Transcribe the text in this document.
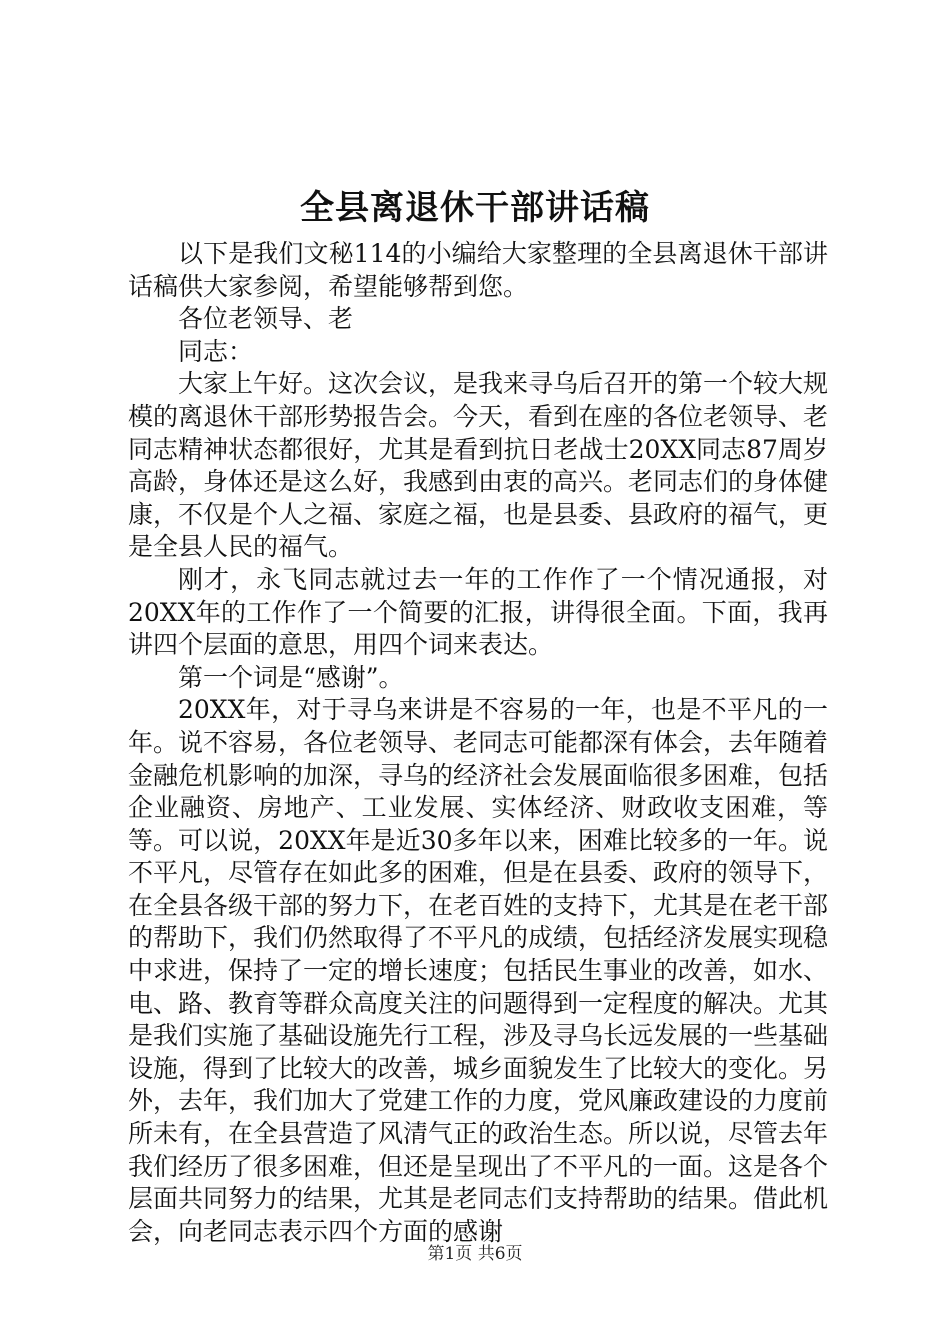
全县离退休干部讲话稿

以下是我们文秘114的小编给大家整理的全县离退休干部讲话稿供大家参阅，希望能够帮到您。

各位老领导、老

同志：

大家上午好。这次会议，是我来寻乌后召开的第一个较大规模的离退休干部形势报告会。今天，看到在座的各位老领导、老同志精神状态都很好，尤其是看到抗日老战士20XX同志87周岁高龄，身体还是这么好，我感到由衷的高兴。老同志们的身体健康，不仅是个人之福、家庭之福，也是县委、县政府的福气，更是全县人民的福气。

刚才，永飞同志就过去一年的工作作了一个情况通报，对20XX年的工作作了一个简要的汇报，讲得很全面。下面，我再讲四个层面的意思，用四个词来表达。

第一个词是“感谢”。

20XX年，对于寻乌来讲是不容易的一年，也是不平凡的一年。说不容易，各位老领导、老同志可能都深有体会，去年随着金融危机影响的加深，寻乌的经济社会发展面临很多困难，包括企业融资、房地产、工业发展、实体经济、财政收支困难，等等。可以说，20XX年是近30多年以来，困难比较多的一年。说不平凡，尽管存在如此多的困难，但是在县委、政府的领导下，在全县各级干部的努力下，在老百姓的支持下，尤其是在老干部的帮助下，我们仍然取得了不平凡的成绩，包括经济发展实现稳中求进，保持了一定的增长速度；包括民生事业的改善，如水、电、路、教育等群众高度关注的问题得到一定程度的解决。尤其是我们实施了基础设施先行工程，涉及寻乌长远发展的一些基础设施，得到了比较大的改善，城乡面貌发生了比较大的变化。另外，去年，我们加大了党建工作的力度，党风廉政建设的力度前所未有，在全县营造了风清气正的政治生态。所以说，尽管去年我们经历了很多困难，但还是呈现出了不平凡的一面。这是各个层面共同努力的结果，尤其是老同志们支持帮助的结果。借此机会，向老同志表示四个方面的感谢

第1页 共6页
